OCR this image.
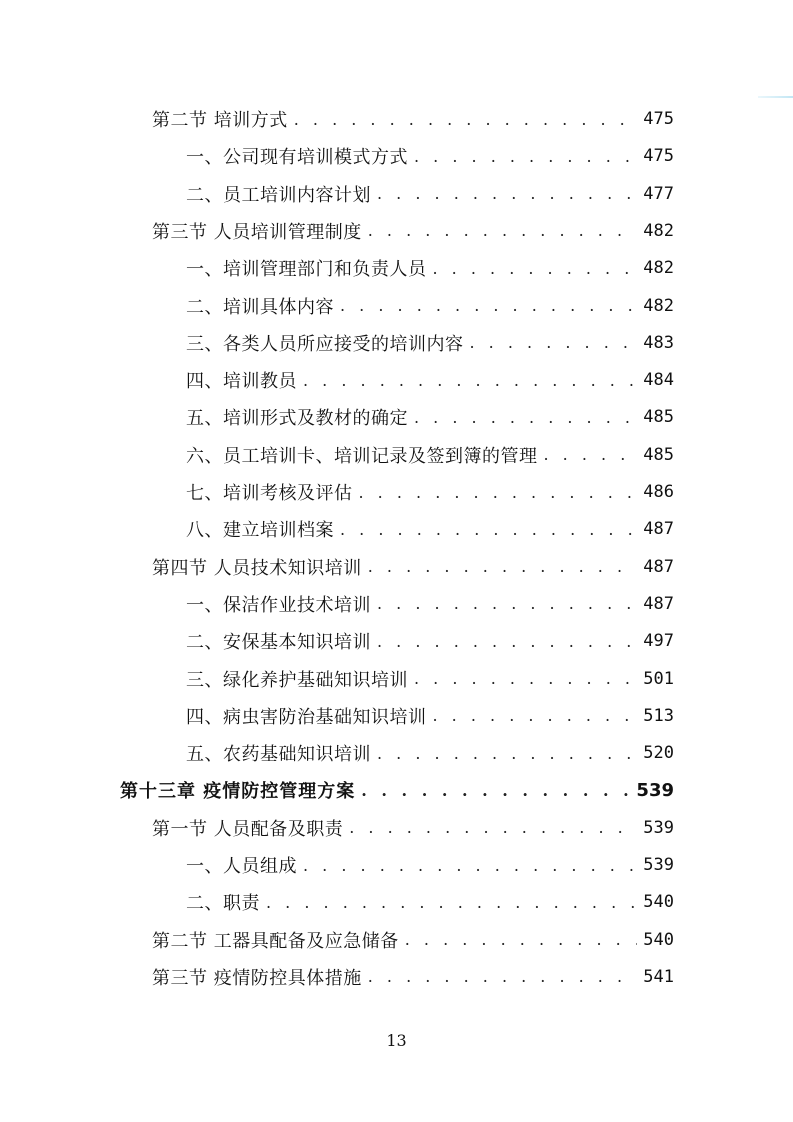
第二节 培训方式 . . .	475
一、公司现有培训模式方式 . . .	475
二、员工培训内容计划 . . .	477
第三节 人员培训管理制度 . . .	482
一、培训管理部门和负责人员 . . .	482
二、培训具体内容 . . .	482
三、各类人员所应接受的培训内容 . . .	483
四、培训教员 . . .	484
五、培训形式及教材的确定 . . .	485
六、员工培训卡、培训记录及签到簿的管理 . . .	485
七、培训考核及评估 . . .	486
八、建立培训档案 . . .	487
第四节 人员技术知识培训 . . .	487
一、保洁作业技术培训 . . .	487
二、安保基本知识培训 . . .	497
三、绿化养护基础知识培训 . . .	501
四、病虫害防治基础知识培训 . . .	513
五、农药基础知识培训 . . .	520
第十三章 疫情防控管理方案 . . .	539
第一节 人员配备及职责 . . .	539
一、人员组成 . . .	539
二、职责 . . .	540
第二节 工器具配备及应急储备 . . .	540
第三节 疫情防控具体措施 . . .	541
13
